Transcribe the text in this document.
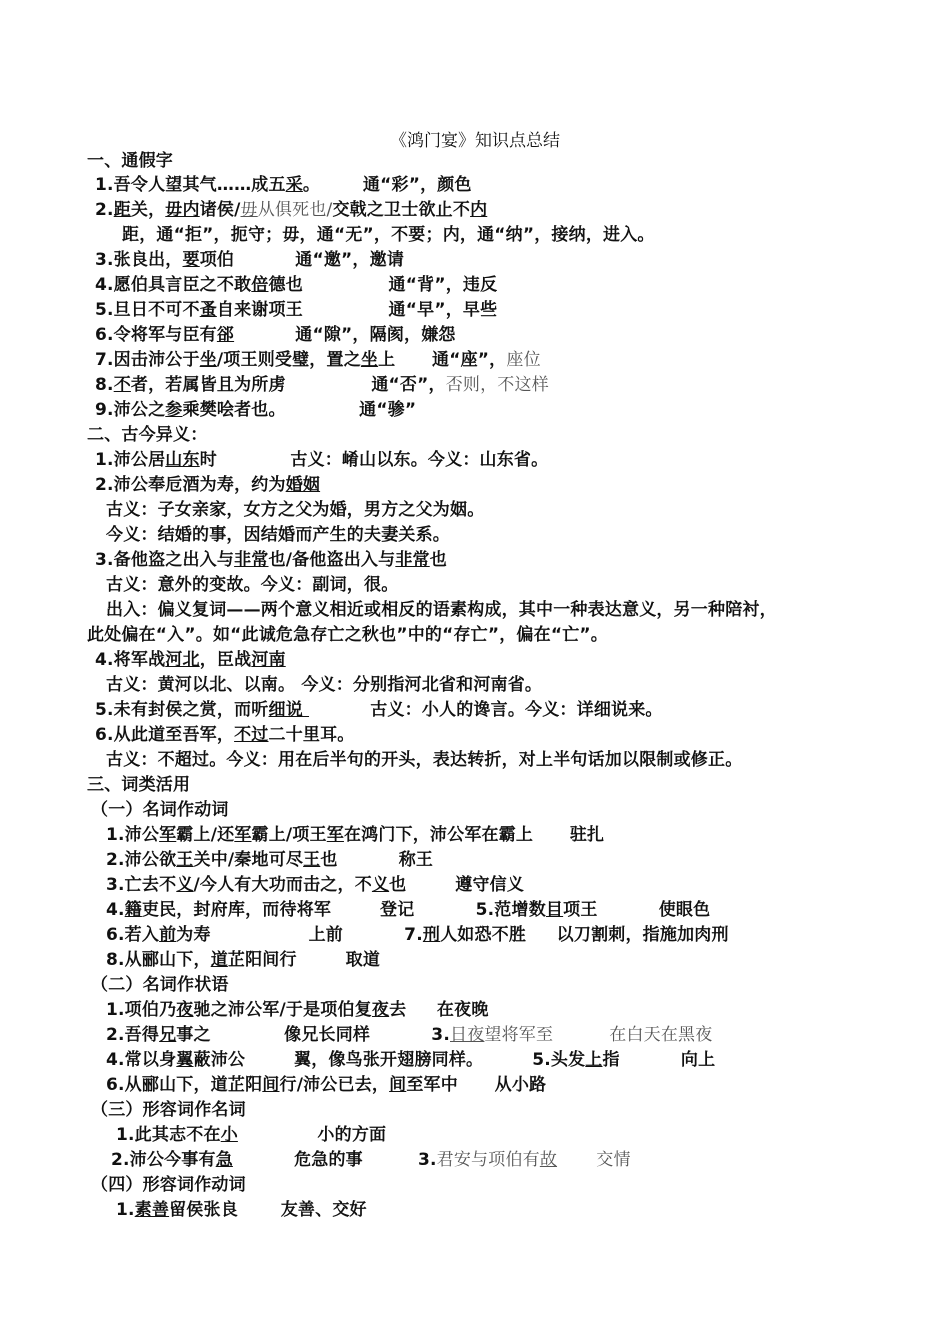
《鸿门宴》知识点总结
一、通假字
1.吾令人望其气……成五采。       通“彩”，颜色
2.距关，毋内诸侯/毋从俱死也/交戟之卫士欲止不内
距，通“拒”，扼守；毋，通“无”，不要；内，通“纳”，接纳，进入。
3.张良出，要项伯          通“邀”，邀请
4.愿伯具言臣之不敢倍德也              通“背”，违反
5.旦日不可不蚤自来谢项王              通“早”，早些
6.令将军与臣有郤          通“隙”，隔阂，嫌怨
7.因击沛公于坐/项王则受璧，置之坐上      通“座”，座位
8.不者，若属皆且为所虏              通“否”，否则，不这样
9.沛公之参乘樊哙者也。            通“骖”
二、古今异义：
1.沛公居山东时            古义：崤山以东。今义：山东省。
2.沛公奉卮酒为寿，约为婚姻
古义：子女亲家，女方之父为婚，男方之父为姻。
今义：结婚的事，因结婚而产生的夫妻关系。
3.备他盗之出入与非常也/备他盗出入与非常也
古义：意外的变故。今义：副词，很。
出入：偏义复词——两个意义相近或相反的语素构成，其中一种表达意义，另一种陪衬，
此处偏在“入”。如“此诚危急存亡之秋也”中的“存亡”，偏在“亡”。
4.将军战河北，臣战河南
古义：黄河以北、以南。 今义：分别指河北省和河南省。
5.未有封侯之赏，而听细说           古义：小人的谗言。今义：详细说来。
6.从此道至吾军，不过二十里耳。
古义：不超过。今义：用在后半句的开头，表达转折，对上半句话加以限制或修正。
三、词类活用
（一）名词作动词
1.沛公军霸上/还军霸上/项王军在鸿门下，沛公军在霸上      驻扎
2.沛公欲王关中/秦地可尽王也          称王
3.亡去不义/今人有大功而击之，不义也        遵守信义
4.籍吏民，封府库，而待将军        登记          5.范增数目项王          使眼色
6.若入前为寿                上前          7.刑人如恐不胜     以刀割刺，指施加肉刑
8.从郦山下，道芷阳间行        取道
（二）名词作状语
1.项伯乃夜驰之沛公军/于是项伯复夜去     在夜晚
2.吾得兄事之            像兄长同样          3.日夜望将军至          在白天在黑夜
4.常以身翼蔽沛公        翼，像鸟张开翅膀同样。        5.头发上指          向上
6.从郦山下，道芷阳间行/沛公已去，间至军中      从小路
（三）形容词作名词
1.此其志不在小             小的方面
2.沛公今事有急          危急的事         3.君安与项伯有故       交情
（四）形容词作动词
1.素善留侯张良       友善、交好
